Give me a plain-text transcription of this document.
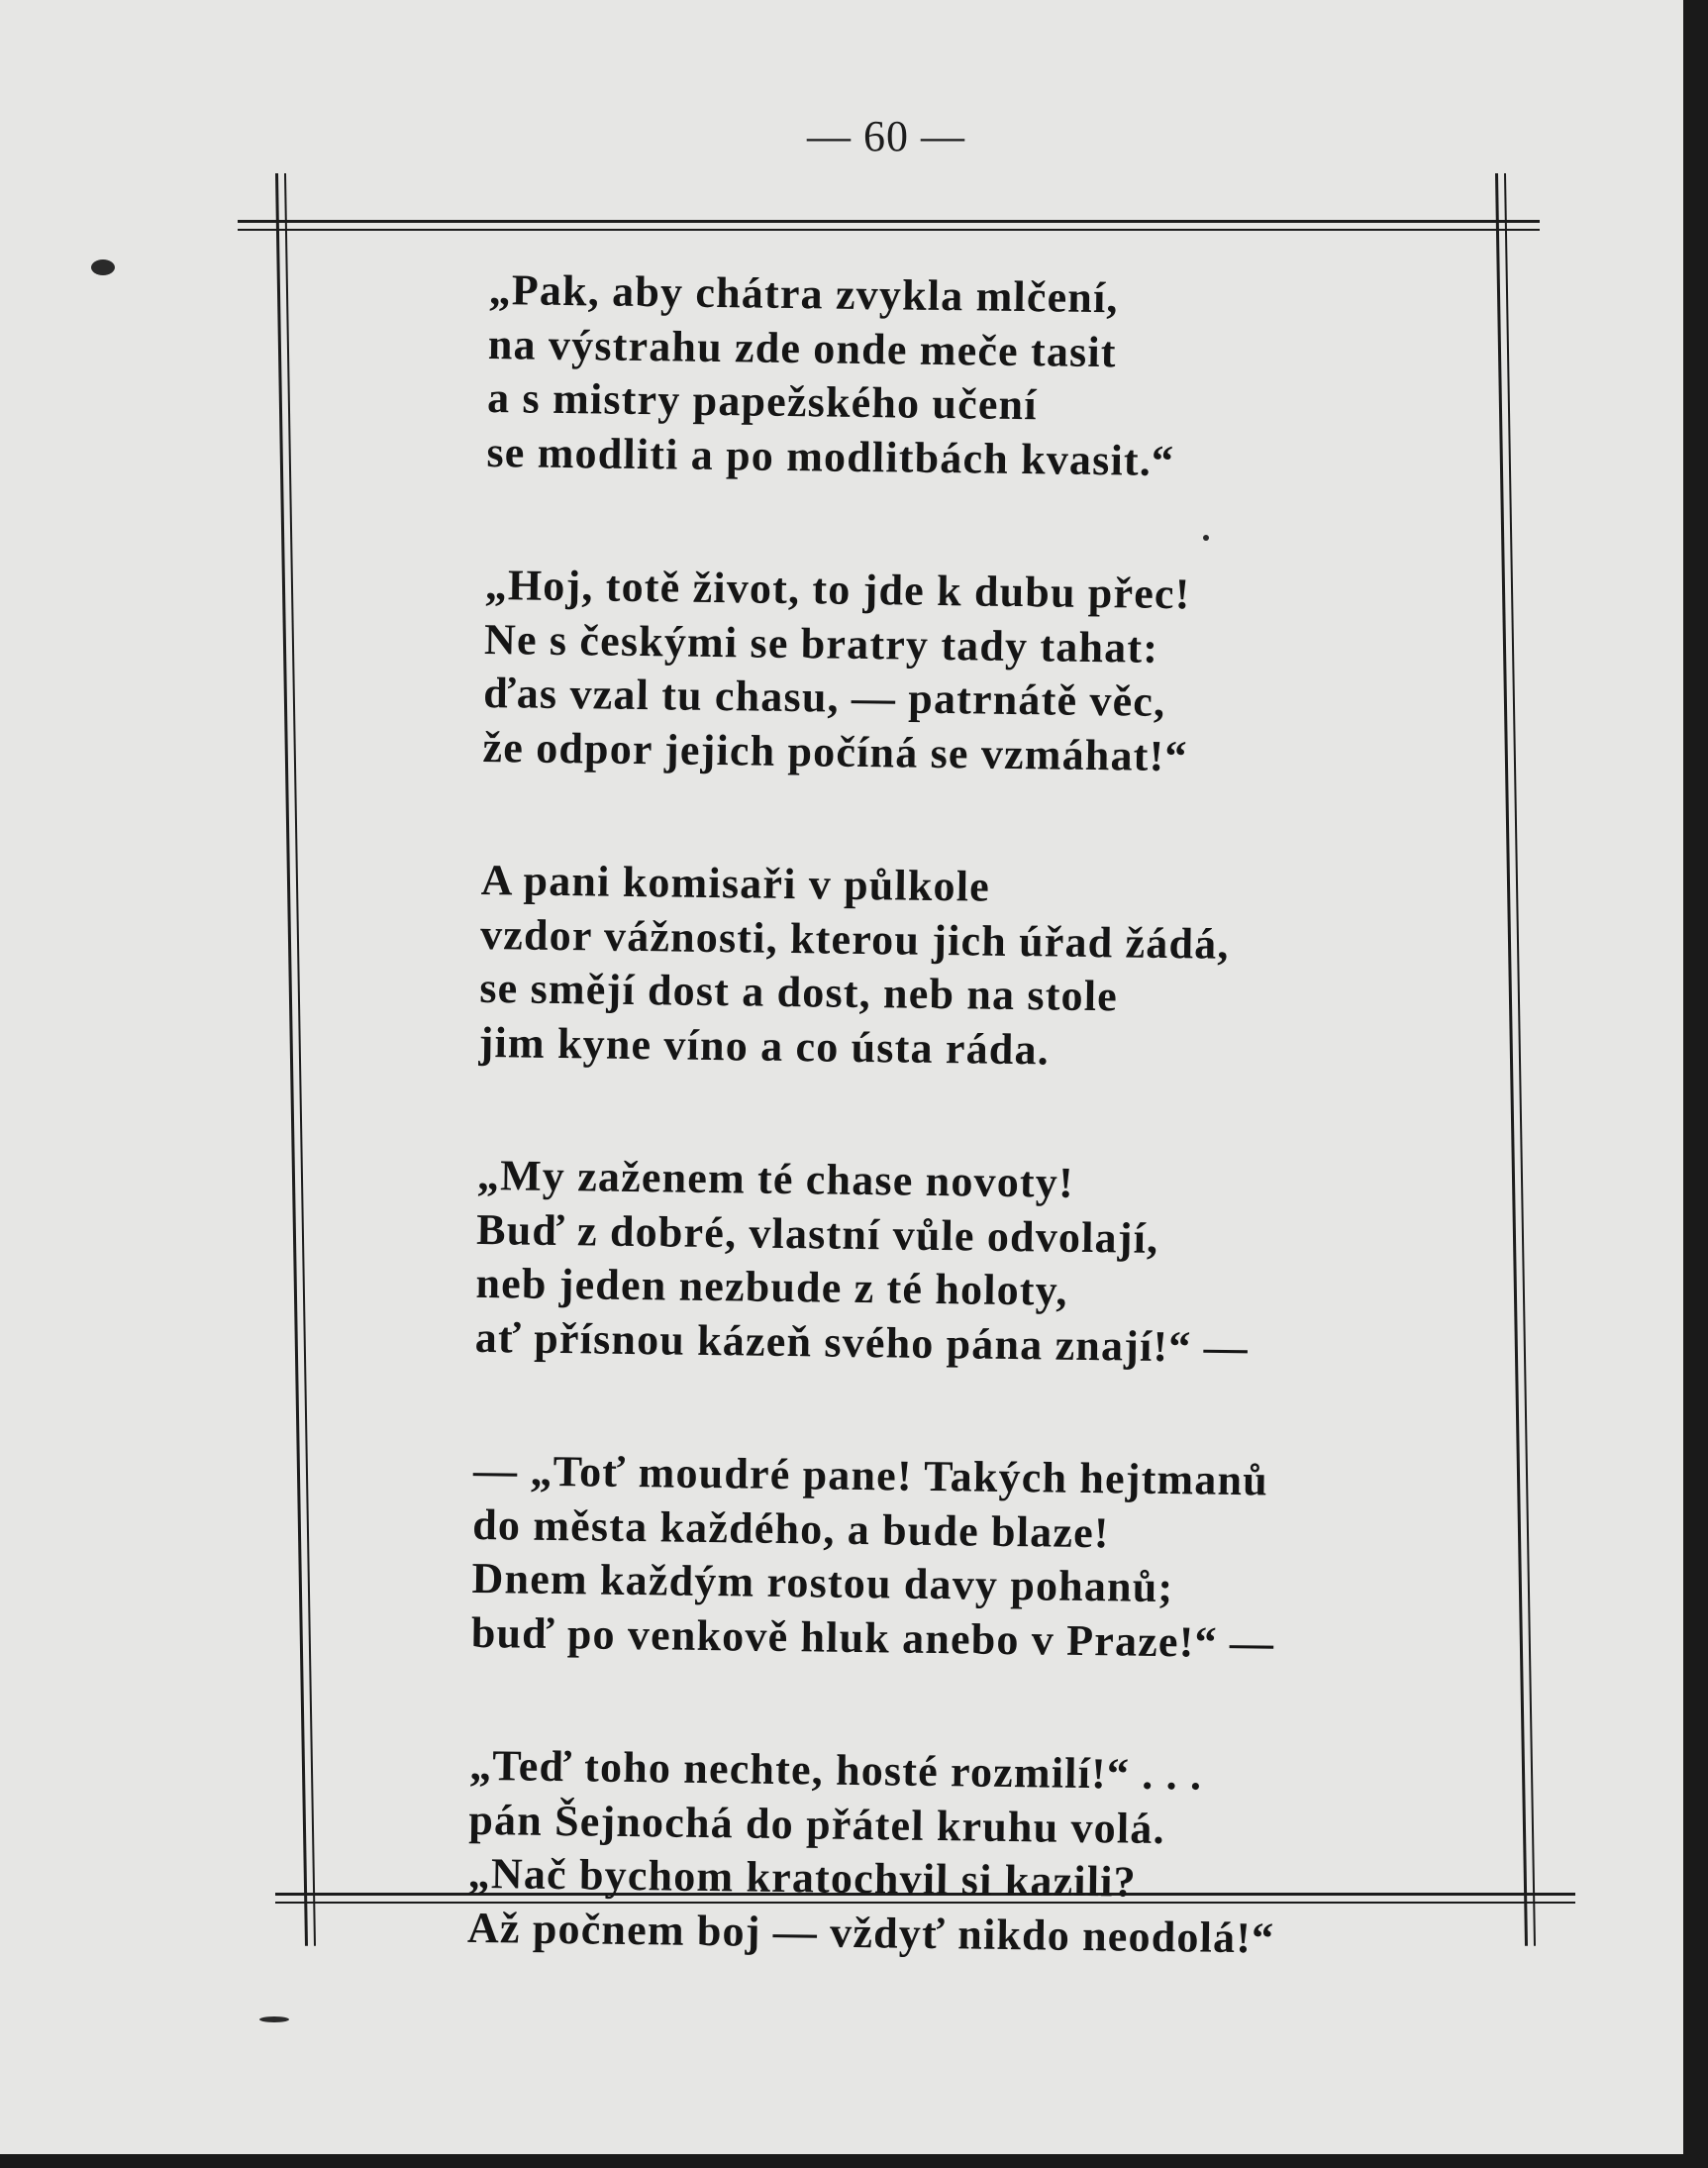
— 60 —
„Pak, aby chátra zvykla mlčení,
na výstrahu zde onde meče tasit
a s mistry papežského učení
se modliti a po modlitbách kvasit.“
„Hoj, totě život, to jde k dubu přec!
Ne s českými se bratry tady tahat:
ďas vzal tu chasu, — patrnátě věc,
že odpor jejich počíná se vzmáhat!“
A pani komisaři v půlkole
vzdor vážnosti, kterou jich úřad žádá,
se smějí dost a dost, neb na stole
jim kyne víno a co ústa ráda.
„My zaženem té chase novoty!
Buď z dobré, vlastní vůle odvolají,
neb jeden nezbude z té holoty,
ať přísnou kázeň svého pána znají!“ —
— „Toť moudré pane! Takých hejtmanů
do města každého, a bude blaze!
Dnem každým rostou davy pohanů;
buď po venkově hluk anebo v Praze!“ —
„Teď toho nechte, hosté rozmilí!“ . . .
pán Šejnochá do přátel kruhu volá.
„Nač bychom kratochvil si kazili?
Až počnem boj — vždyť nikdo neodolá!“
